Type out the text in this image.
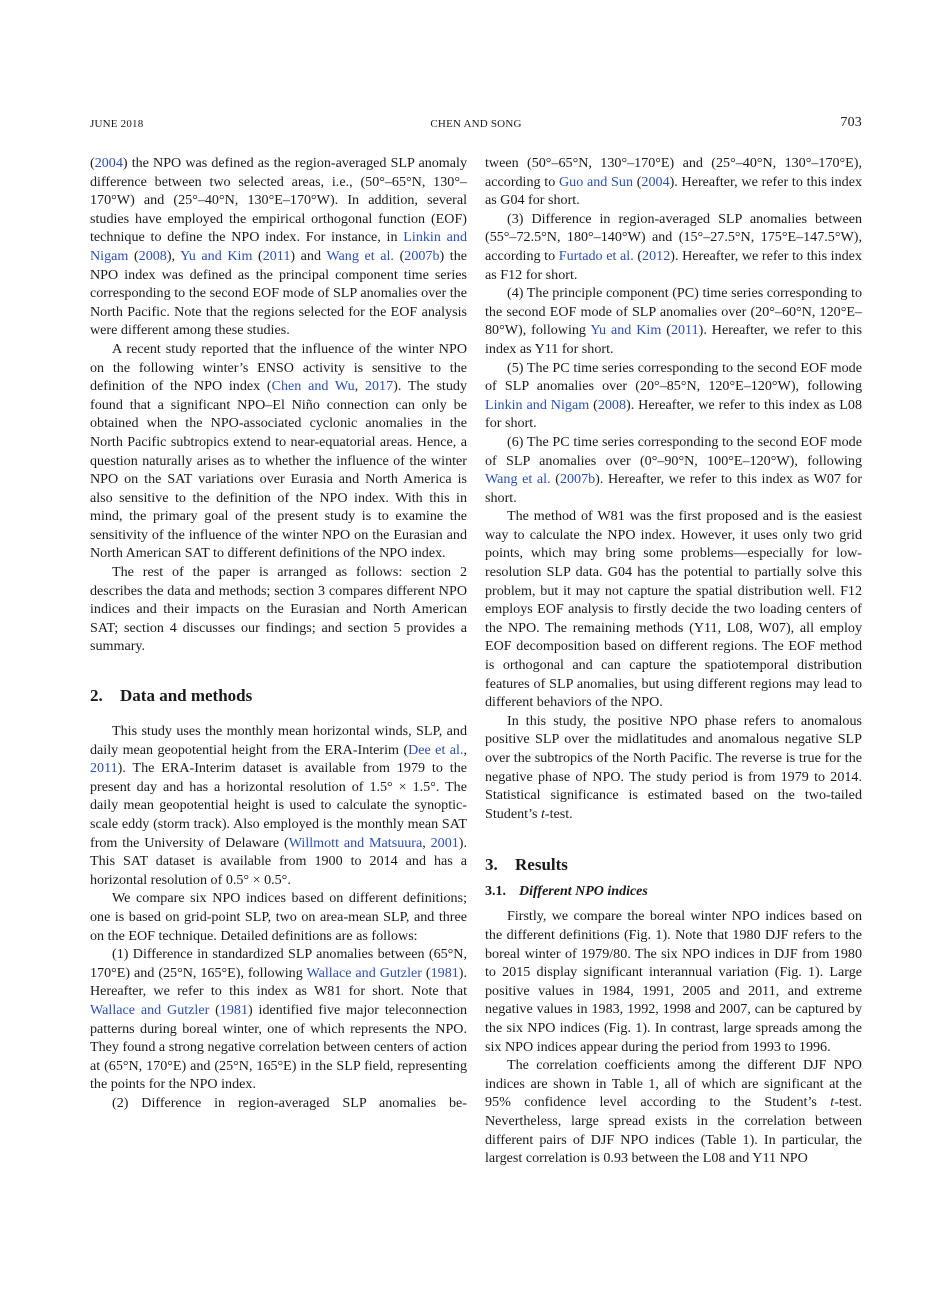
JUNE 2018	CHEN AND SONG	703

(2004) the NPO was defined as the region-averaged SLP anomaly difference between two selected areas, i.e., (50°–65°N, 130°–170°W) and (25°–40°N, 130°E–170°W). In addition, several studies have employed the empirical orthogonal function (EOF) technique to define the NPO index. For instance, in Linkin and Nigam (2008), Yu and Kim (2011) and Wang et al. (2007b) the NPO index was defined as the principal component time series corresponding to the second EOF mode of SLP anomalies over the North Pacific. Note that the regions selected for the EOF analysis were different among these studies.

A recent study reported that the influence of the winter NPO on the following winter’s ENSO activity is sensitive to the definition of the NPO index (Chen and Wu, 2017). The study found that a significant NPO–El Niño connection can only be obtained when the NPO-associated cyclonic anomalies in the North Pacific subtropics extend to near-equatorial areas. Hence, a question naturally arises as to whether the influence of the winter NPO on the SAT variations over Eurasia and North America is also sensitive to the definition of the NPO index. With this in mind, the primary goal of the present study is to examine the sensitivity of the influence of the winter NPO on the Eurasian and North American SAT to different definitions of the NPO index.

The rest of the paper is arranged as follows: section 2 describes the data and methods; section 3 compares different NPO indices and their impacts on the Eurasian and North American SAT; section 4 discusses our findings; and section 5 provides a summary.

2. Data and methods

This study uses the monthly mean horizontal winds, SLP, and daily mean geopotential height from the ERA-Interim (Dee et al., 2011). The ERA-Interim dataset is available from 1979 to the present day and has a horizontal resolution of 1.5° × 1.5°. The daily mean geopotential height is used to calculate the synoptic-scale eddy (storm track). Also employed is the monthly mean SAT from the University of Delaware (Willmott and Matsuura, 2001). This SAT dataset is available from 1900 to 2014 and has a horizontal resolution of 0.5° × 0.5°.

We compare six NPO indices based on different definitions; one is based on grid-point SLP, two on area-mean SLP, and three on the EOF technique. Detailed definitions are as follows:

(1) Difference in standardized SLP anomalies between (65°N, 170°E) and (25°N, 165°E), following Wallace and Gutzler (1981). Hereafter, we refer to this index as W81 for short. Note that Wallace and Gutzler (1981) identified five major teleconnection patterns during boreal winter, one of which represents the NPO. They found a strong negative correlation between centers of action at (65°N, 170°E) and (25°N, 165°E) in the SLP field, representing the points for the NPO index.

(2) Difference in region-averaged SLP anomalies be-

tween (50°–65°N, 130°–170°E) and (25°–40°N, 130°–170°E), according to Guo and Sun (2004). Hereafter, we refer to this index as G04 for short.

(3) Difference in region-averaged SLP anomalies between (55°–72.5°N, 180°–140°W) and (15°–27.5°N, 175°E–147.5°W), according to Furtado et al. (2012). Hereafter, we refer to this index as F12 for short.

(4) The principle component (PC) time series corresponding to the second EOF mode of SLP anomalies over (20°–60°N, 120°E–80°W), following Yu and Kim (2011). Hereafter, we refer to this index as Y11 for short.

(5) The PC time series corresponding to the second EOF mode of SLP anomalies over (20°–85°N, 120°E–120°W), following Linkin and Nigam (2008). Hereafter, we refer to this index as L08 for short.

(6) The PC time series corresponding to the second EOF mode of SLP anomalies over (0°–90°N, 100°E–120°W), following Wang et al. (2007b). Hereafter, we refer to this index as W07 for short.

The method of W81 was the first proposed and is the easiest way to calculate the NPO index. However, it uses only two grid points, which may bring some problems—especially for low-resolution SLP data. G04 has the potential to partially solve this problem, but it may not capture the spatial distribution well. F12 employs EOF analysis to firstly decide the two loading centers of the NPO. The remaining methods (Y11, L08, W07), all employ EOF decomposition based on different regions. The EOF method is orthogonal and can capture the spatiotemporal distribution features of SLP anomalies, but using different regions may lead to different behaviors of the NPO.

In this study, the positive NPO phase refers to anomalous positive SLP over the midlatitudes and anomalous negative SLP over the subtropics of the North Pacific. The reverse is true for the negative phase of NPO. The study period is from 1979 to 2014. Statistical significance is estimated based on the two-tailed Student’s t-test.

3. Results
3.1. Different NPO indices

Firstly, we compare the boreal winter NPO indices based on the different definitions (Fig. 1). Note that 1980 DJF refers to the boreal winter of 1979/80. The six NPO indices in DJF from 1980 to 2015 display significant interannual variation (Fig. 1). Large positive values in 1984, 1991, 2005 and 2011, and extreme negative values in 1983, 1992, 1998 and 2007, can be captured by the six NPO indices (Fig. 1). In contrast, large spreads among the six NPO indices appear during the period from 1993 to 1996.

The correlation coefficients among the different DJF NPO indices are shown in Table 1, all of which are significant at the 95% confidence level according to the Student’s t-test. Nevertheless, large spread exists in the correlation between different pairs of DJF NPO indices (Table 1). In particular, the largest correlation is 0.93 between the L08 and Y11 NPO
